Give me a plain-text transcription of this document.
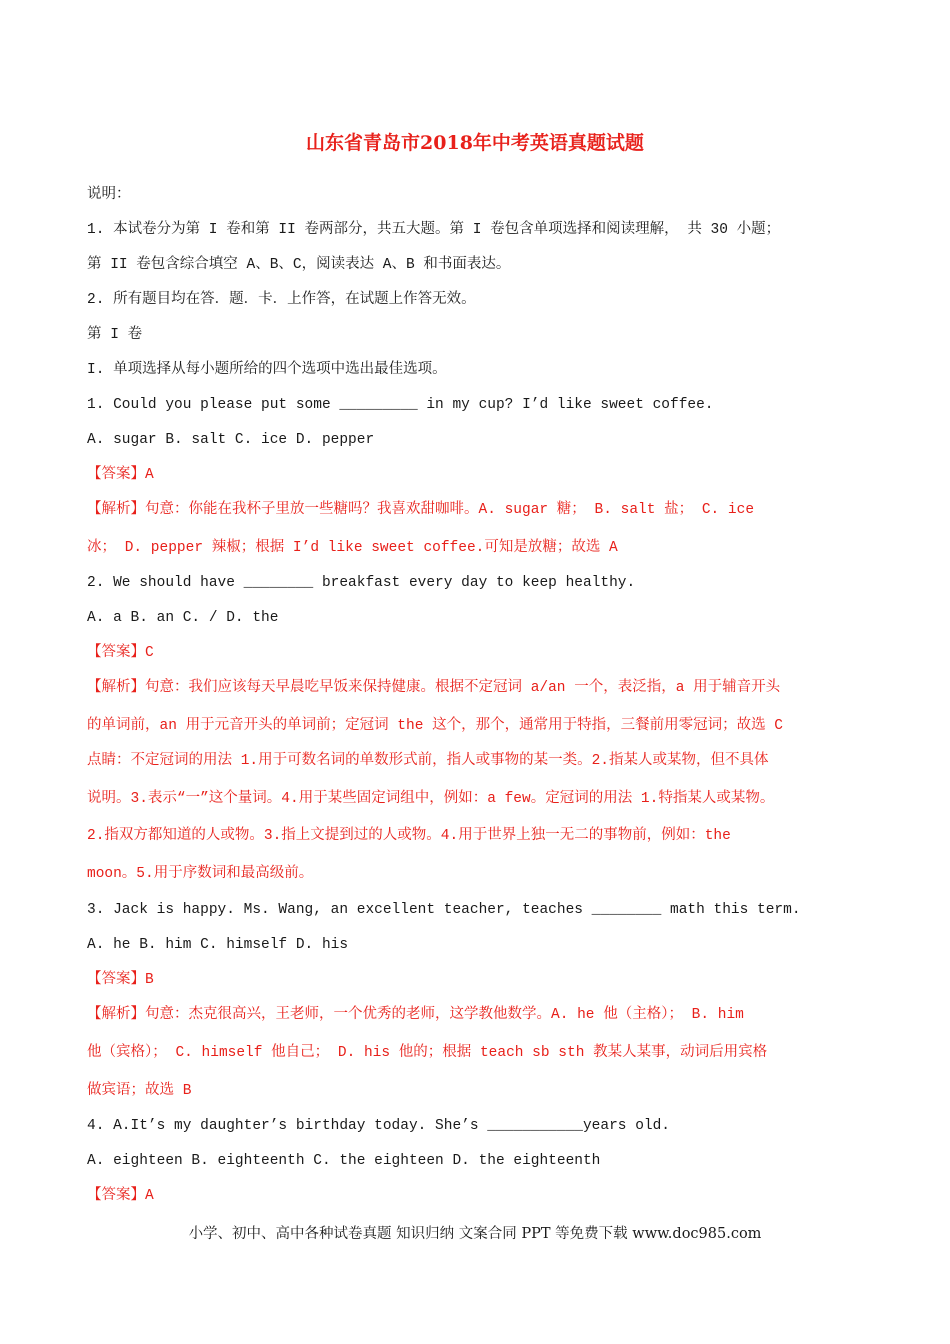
山东省青岛市2018年中考英语真题试题
说明：
1. 本试卷分为第 I 卷和第 II 卷两部分，共五大题。第 I 卷包含单项选择和阅读理解， 共 30 小题；
第 II 卷包含综合填空 A、B、C，阅读表达 A、B 和书面表达。
2. 所有题目均在答．题．卡．上作答，在试题上作答无效。
第 I 卷
I. 单项选择从每小题所给的四个选项中选出最佳选项。
1. Could you please put some _________ in my cup? I’d like sweet coffee.
A. sugar B. salt C. ice D. pepper
【答案】A
【解析】句意：你能在我杯子里放一些糖吗？我喜欢甜咖啡。A. sugar 糖； B. salt 盐； C. ice
冰； D. pepper 辣椒；根据 I’d like sweet coffee.可知是放糖；故选 A
2. We should have ________ breakfast every day to keep healthy.
A. a B. an C. / D. the
【答案】C
【解析】句意：我们应该每天早晨吃早饭来保持健康。根据不定冠词 a/an 一个，表泛指，a 用于辅音开头
的单词前，an 用于元音开头的单词前；定冠词 the 这个，那个，通常用于特指，三餐前用零冠词；故选 C
点睛：不定冠词的用法 1.用于可数名词的单数形式前，指人或事物的某一类。2.指某人或某物，但不具体
说明。3.表示“一”这个量词。4.用于某些固定词组中，例如：a few。定冠词的用法 1.特指某人或某物。
2.指双方都知道的人或物。3.指上文提到过的人或物。4.用于世界上独一无二的事物前，例如：the
moon。5.用于序数词和最高级前。
3. Jack is happy. Ms. Wang, an excellent teacher, teaches ________ math this term.
A. he B. him C. himself D. his
【答案】B
【解析】句意：杰克很高兴，王老师，一个优秀的老师，这学教他数学。A. he 他（主格）； B. him
他（宾格）； C. himself 他自己； D. his 他的；根据 teach sb sth 教某人某事，动词后用宾格
做宾语；故选 B
4. A.It’s my daughter’s birthday today. She’s ___________years old.
A. eighteen B. eighteenth C. the eighteen D. the eighteenth
【答案】A
小学、初中、高中各种试卷真题 知识归纳 文案合同 PPT 等免费下载 www.doc985.com
